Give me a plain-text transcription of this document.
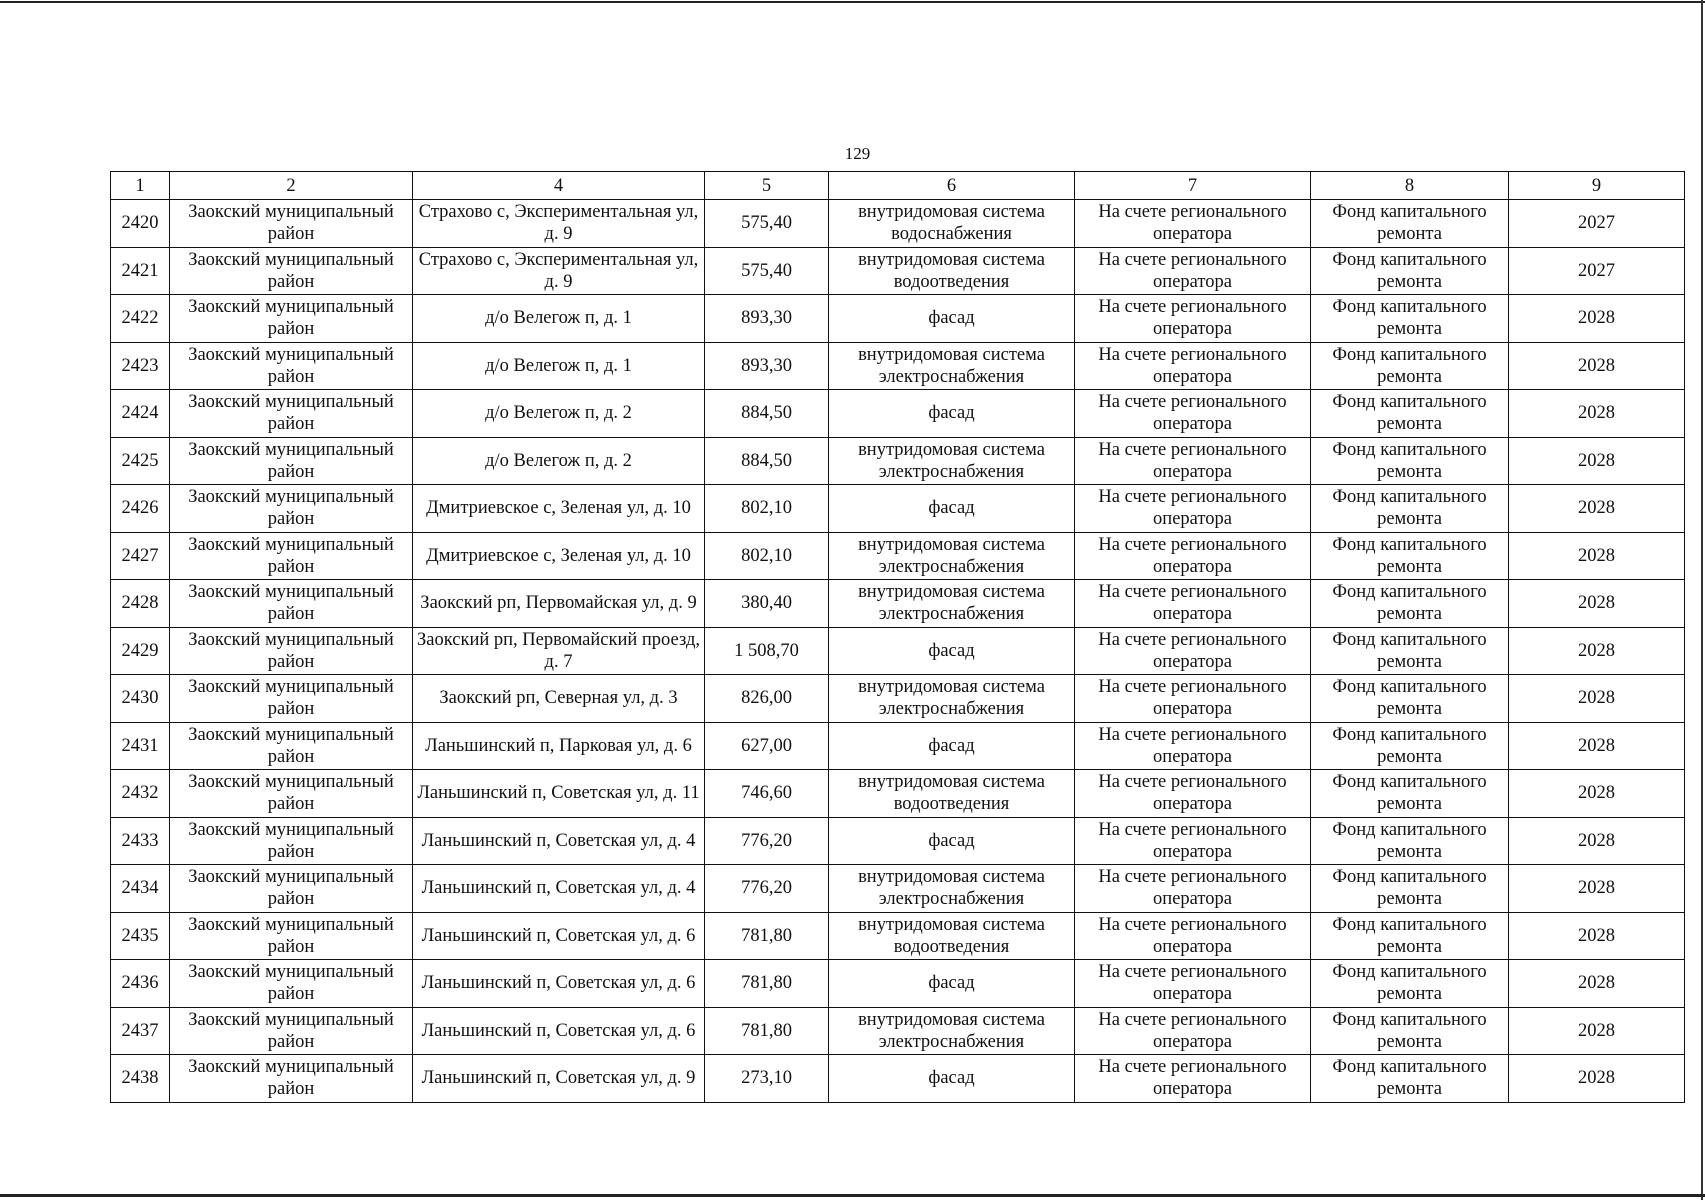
129
1	2	4	5	6	7	8	9
2420	Заокский муниципальный район	Страхово с, Экспериментальная ул, д. 9	575,40	внутридомовая система водоснабжения	На счете регионального оператора	Фонд капитального ремонта	2027
2421	Заокский муниципальный район	Страхово с, Экспериментальная ул, д. 9	575,40	внутридомовая система водоотведения	На счете регионального оператора	Фонд капитального ремонта	2027
2422	Заокский муниципальный район	д/о Велегож п, д. 1	893,30	фасад	На счете регионального оператора	Фонд капитального ремонта	2028
2423	Заокский муниципальный район	д/о Велегож п, д. 1	893,30	внутридомовая система электроснабжения	На счете регионального оператора	Фонд капитального ремонта	2028
2424	Заокский муниципальный район	д/о Велегож п, д. 2	884,50	фасад	На счете регионального оператора	Фонд капитального ремонта	2028
2425	Заокский муниципальный район	д/о Велегож п, д. 2	884,50	внутридомовая система электроснабжения	На счете регионального оператора	Фонд капитального ремонта	2028
2426	Заокский муниципальный район	Дмитриевское с, Зеленая ул, д. 10	802,10	фасад	На счете регионального оператора	Фонд капитального ремонта	2028
2427	Заокский муниципальный район	Дмитриевское с, Зеленая ул, д. 10	802,10	внутридомовая система электроснабжения	На счете регионального оператора	Фонд капитального ремонта	2028
2428	Заокский муниципальный район	Заокский рп, Первомайская ул, д. 9	380,40	внутридомовая система электроснабжения	На счете регионального оператора	Фонд капитального ремонта	2028
2429	Заокский муниципальный район	Заокский рп, Первомайский проезд, д. 7	1 508,70	фасад	На счете регионального оператора	Фонд капитального ремонта	2028
2430	Заокский муниципальный район	Заокский рп, Северная ул, д. 3	826,00	внутридомовая система электроснабжения	На счете регионального оператора	Фонд капитального ремонта	2028
2431	Заокский муниципальный район	Ланьшинский п, Парковая ул, д. 6	627,00	фасад	На счете регионального оператора	Фонд капитального ремонта	2028
2432	Заокский муниципальный район	Ланьшинский п, Советская ул, д. 11	746,60	внутридомовая система водоотведения	На счете регионального оператора	Фонд капитального ремонта	2028
2433	Заокский муниципальный район	Ланьшинский п, Советская ул, д. 4	776,20	фасад	На счете регионального оператора	Фонд капитального ремонта	2028
2434	Заокский муниципальный район	Ланьшинский п, Советская ул, д. 4	776,20	внутридомовая система электроснабжения	На счете регионального оператора	Фонд капитального ремонта	2028
2435	Заокский муниципальный район	Ланьшинский п, Советская ул, д. 6	781,80	внутридомовая система водоотведения	На счете регионального оператора	Фонд капитального ремонта	2028
2436	Заокский муниципальный район	Ланьшинский п, Советская ул, д. 6	781,80	фасад	На счете регионального оператора	Фонд капитального ремонта	2028
2437	Заокский муниципальный район	Ланьшинский п, Советская ул, д. 6	781,80	внутридомовая система электроснабжения	На счете регионального оператора	Фонд капитального ремонта	2028
2438	Заокский муниципальный район	Ланьшинский п, Советская ул, д. 9	273,10	фасад	На счете регионального оператора	Фонд капитального ремонта	2028
